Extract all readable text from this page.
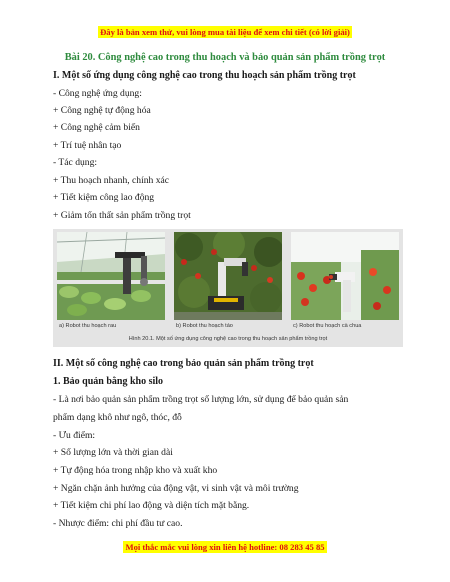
Đây là bản xem thử, vui lòng mua tài liệu để xem chi tiết (có lời giải)
Bài 20. Công nghệ cao trong thu hoạch và bảo quản sản phẩm trồng trọt
I. Một số ứng dụng công nghệ cao trong thu hoạch sản phẩm trồng trọt
- Công nghệ ứng dụng:
+ Công nghệ tự động hóa
+ Công nghệ cảm biến
+ Trí tuệ nhân tạo
- Tác dụng:
+ Thu hoạch nhanh, chính xác
+ Tiết kiệm công lao động
+ Giảm tổn thất sản phẩm trồng trọt
a) Robot thu hoạch rau	b) Robot thu hoạch táo	c) Robot thu hoạch cà chua
Hình 20.1. Một số ứng dụng công nghệ cao trong thu hoạch sản phẩm trồng trọt
II. Một số công nghệ cao trong bảo quản sản phẩm trồng trọt
1. Bảo quản bằng kho silo
- Là nơi bảo quản sản phẩm trồng trọt số lượng lớn, sử dụng để bảo quản sản
phẩm dạng khô như ngô, thóc, đỗ
- Ưu điểm:
+ Số lượng lớn và thời gian dài
+ Tự động hóa trong nhập kho và xuất kho
+ Ngăn chặn ảnh hưởng của động vật, vi sinh vật và môi trường
+ Tiết kiệm chi phí lao động và diện tích mặt bằng.
- Nhược điểm: chi phí đầu tư cao.
Mọi thắc mắc vui lòng xin liên hệ hotline: 08 283 45 85
